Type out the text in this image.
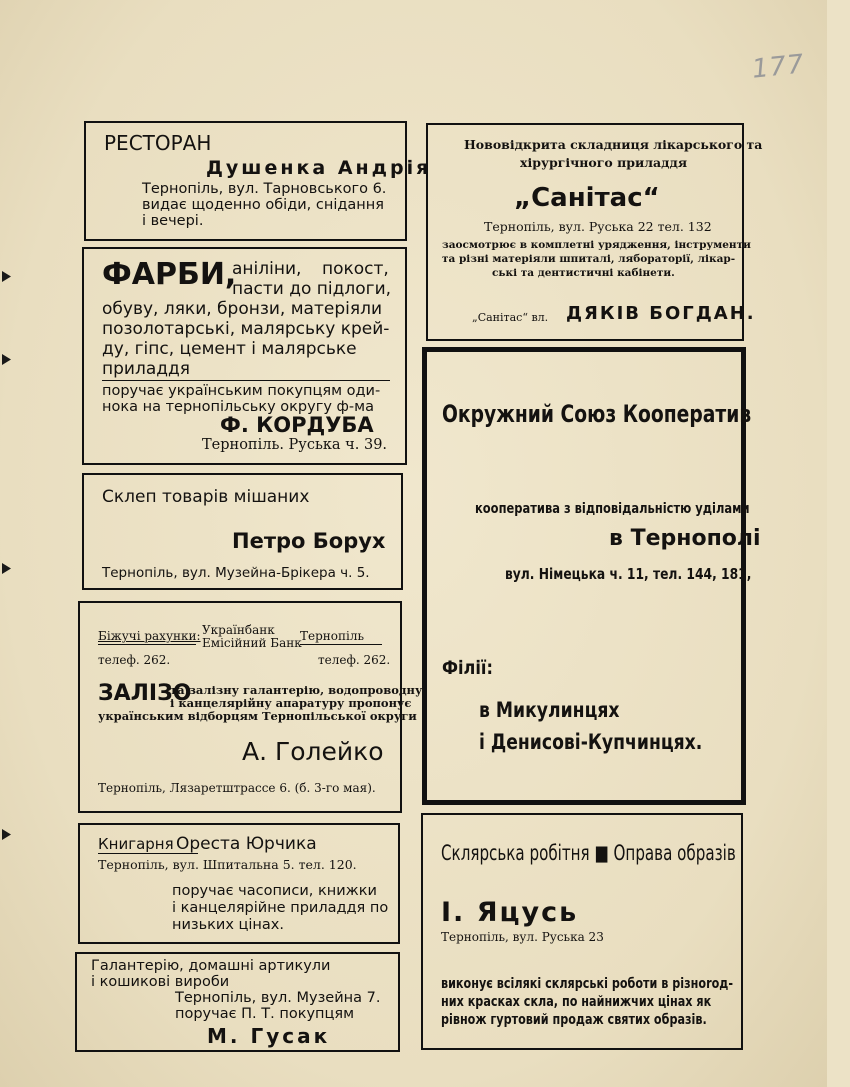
177
РЕСТОРАН
Душенка Андрія
Тернопіль, вул. Тарновського 6.
видає щоденно обіди, снідання
і вечері.
ФАРБИ,
аніліни, покост,
пасти до підлоги,
обуву, ляки, бронзи, матеріяли
позолотарські, малярську крей-
ду, гіпс, цемент і малярське
приладдя
поручає українським покупцям оди-
нока на тернопільську округу ф-ма
Ф. КОРДУБА
Тернопіль. Руська ч. 39.
Склеп товарів мішаних
Петро Борух
Тернопіль, вул. Музейна-Брікера ч. 5.
Біжучі рахунки: Українбанк
Емісійний Банк
Тернопіль
телеф. 262.	телеф. 262.
ЗАЛІЗО
та залізну галантерію, водопроводну
і канцелярійну апаратуру пропонує
українським відборцям Тернопільської округи
А. Голейко
Тернопіль, Лязаретштрассе 6. (б. 3-го мая).
Книгарня Ореста Юрчика
Тернопіль, вул. Шпитальна 5. тел. 120.
поручає часописи, книжки
і канцелярійне приладдя по
низьких цінах.
Галантерію, домашні артикули
і кошикові вироби
Тернопіль, вул. Музейна 7.
поручає П. Т. покупцям
М. Гусак
Нововідкрита складниця лікарського та
хірургічного приладдя
„Санітас“
Тернопіль, вул. Руська 22 тел. 132
заосмотрює в комплетні урядження, інструменти
та різні матеріяли шпиталі, лябораторії, лікар-
ські та дентистичні кабінети.
„Санітас“ вл. ДЯКІВ БОГДАН.
Окружний Союз Кооператив
кооператива з відповідальністю уділами
в Тернополі
вул. Німецька ч. 11, тел. 144, 181,
Філії:
в Микулинцях
і Денисові-Купчинцях.
Склярська робітня ■ Оправа образів
І. Яцусь
Тернопіль, вул. Руська 23
виконує всілякі склярські роботи в різноrод-
них красках скла, по найнижчих цінах як
рівнож гуртовий продаж святих образів.
